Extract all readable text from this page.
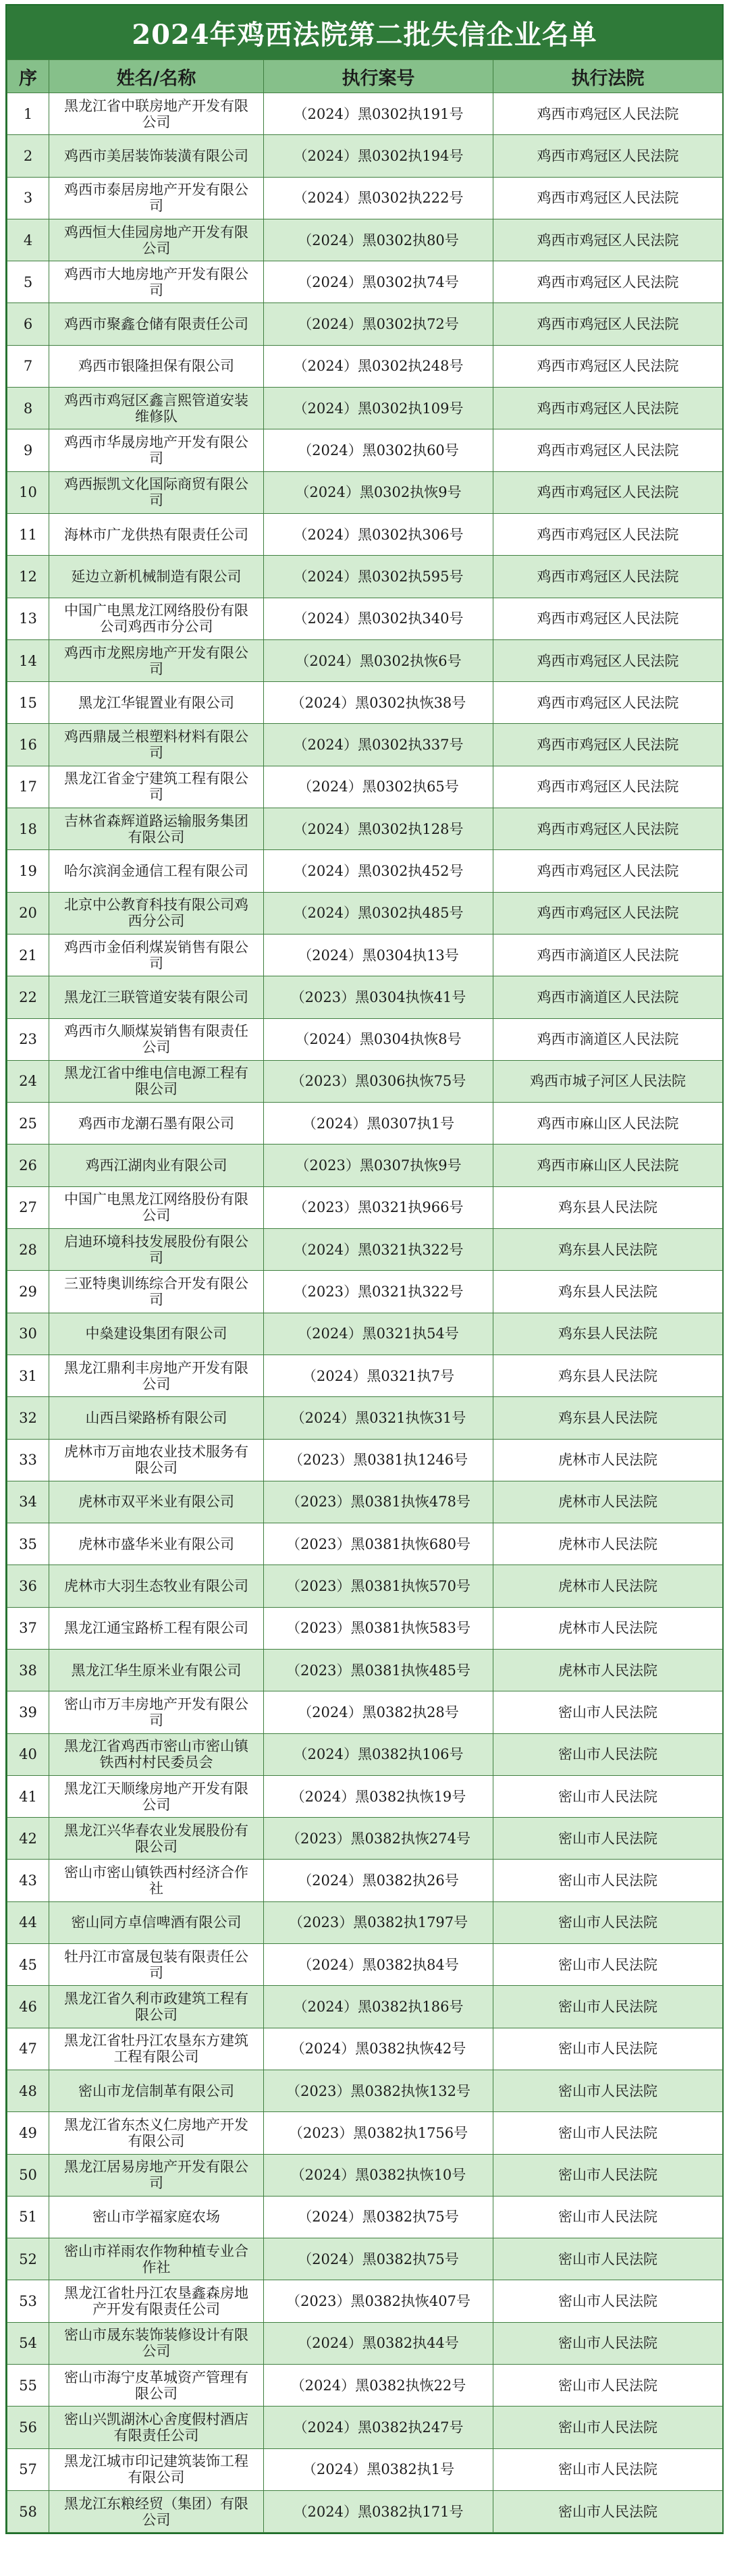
2024年鸡西法院第二批失信企业名单
序	姓名/名称	执行案号	执行法院
1	黑龙江省中联房地产开发有限公司	（2024）黑0302执191号	鸡西市鸡冠区人民法院
2	鸡西市美居装饰装潢有限公司	（2024）黑0302执194号	鸡西市鸡冠区人民法院
3	鸡西市泰居房地产开发有限公司	（2024）黑0302执222号	鸡西市鸡冠区人民法院
4	鸡西恒大佳园房地产开发有限公司	（2024）黑0302执80号	鸡西市鸡冠区人民法院
5	鸡西市大地房地产开发有限公司	（2024）黑0302执74号	鸡西市鸡冠区人民法院
6	鸡西市聚鑫仓储有限责任公司	（2024）黑0302执72号	鸡西市鸡冠区人民法院
7	鸡西市银隆担保有限公司	（2024）黑0302执248号	鸡西市鸡冠区人民法院
8	鸡西市鸡冠区鑫言熙管道安装维修队	（2024）黑0302执109号	鸡西市鸡冠区人民法院
9	鸡西市华晟房地产开发有限公司	（2024）黑0302执60号	鸡西市鸡冠区人民法院
10	鸡西振凯文化国际商贸有限公司	（2024）黑0302执恢9号	鸡西市鸡冠区人民法院
11	海林市广龙供热有限责任公司	（2024）黑0302执306号	鸡西市鸡冠区人民法院
12	延边立新机械制造有限公司	（2024）黑0302执595号	鸡西市鸡冠区人民法院
13	中国广电黑龙江网络股份有限公司鸡西市分公司	（2024）黑0302执340号	鸡西市鸡冠区人民法院
14	鸡西市龙熙房地产开发有限公司	（2024）黑0302执恢6号	鸡西市鸡冠区人民法院
15	黑龙江华锟置业有限公司	（2024）黑0302执恢38号	鸡西市鸡冠区人民法院
16	鸡西鼎晟兰根塑料材料有限公司	（2024）黑0302执337号	鸡西市鸡冠区人民法院
17	黑龙江省金宁建筑工程有限公司	（2024）黑0302执65号	鸡西市鸡冠区人民法院
18	吉林省森辉道路运输服务集团有限公司	（2024）黑0302执128号	鸡西市鸡冠区人民法院
19	哈尔滨润金通信工程有限公司	（2024）黑0302执452号	鸡西市鸡冠区人民法院
20	北京中公教育科技有限公司鸡西分公司	（2024）黑0302执485号	鸡西市鸡冠区人民法院
21	鸡西市金佰利煤炭销售有限公司	（2024）黑0304执13号	鸡西市滴道区人民法院
22	黑龙江三联管道安装有限公司	（2023）黑0304执恢41号	鸡西市滴道区人民法院
23	鸡西市久顺煤炭销售有限责任公司	（2024）黑0304执恢8号	鸡西市滴道区人民法院
24	黑龙江省中维电信电源工程有限公司	（2023）黑0306执恢75号	鸡西市城子河区人民法院
25	鸡西市龙潮石墨有限公司	（2024）黑0307执1号	鸡西市麻山区人民法院
26	鸡西江湖肉业有限公司	（2023）黑0307执恢9号	鸡西市麻山区人民法院
27	中国广电黑龙江网络股份有限公司	（2023）黑0321执966号	鸡东县人民法院
28	启迪环境科技发展股份有限公司	（2024）黑0321执322号	鸡东县人民法院
29	三亚特奥训练综合开发有限公司	（2023）黑0321执322号	鸡东县人民法院
30	中燊建设集团有限公司	（2024）黑0321执54号	鸡东县人民法院
31	黑龙江鼎利丰房地产开发有限公司	（2024）黑0321执7号	鸡东县人民法院
32	山西吕梁路桥有限公司	（2024）黑0321执恢31号	鸡东县人民法院
33	虎林市万亩地农业技术服务有限公司	（2023）黑0381执1246号	虎林市人民法院
34	虎林市双平米业有限公司	（2023）黑0381执恢478号	虎林市人民法院
35	虎林市盛华米业有限公司	（2023）黑0381执恢680号	虎林市人民法院
36	虎林市大羽生态牧业有限公司	（2023）黑0381执恢570号	虎林市人民法院
37	黑龙江通宝路桥工程有限公司	（2023）黑0381执恢583号	虎林市人民法院
38	黑龙江华生原米业有限公司	（2023）黑0381执恢485号	虎林市人民法院
39	密山市万丰房地产开发有限公司	（2024）黑0382执28号	密山市人民法院
40	黑龙江省鸡西市密山市密山镇铁西村村民委员会	（2024）黑0382执106号	密山市人民法院
41	黑龙江天顺缘房地产开发有限公司	（2024）黑0382执恢19号	密山市人民法院
42	黑龙江兴华春农业发展股份有限公司	（2023）黑0382执恢274号	密山市人民法院
43	密山市密山镇铁西村经济合作社	（2024）黑0382执26号	密山市人民法院
44	密山同方卓信啤酒有限公司	（2023）黑0382执1797号	密山市人民法院
45	牡丹江市富晟包装有限责任公司	（2024）黑0382执84号	密山市人民法院
46	黑龙江省久利市政建筑工程有限公司	（2024）黑0382执186号	密山市人民法院
47	黑龙江省牡丹江农垦东方建筑工程有限公司	（2024）黑0382执恢42号	密山市人民法院
48	密山市龙信制革有限公司	（2023）黑0382执恢132号	密山市人民法院
49	黑龙江省东杰义仁房地产开发有限公司	（2023）黑0382执1756号	密山市人民法院
50	黑龙江居易房地产开发有限公司	（2024）黑0382执恢10号	密山市人民法院
51	密山市学福家庭农场	（2024）黑0382执75号	密山市人民法院
52	密山市祥雨农作物种植专业合作社	（2024）黑0382执75号	密山市人民法院
53	黑龙江省牡丹江农垦鑫森房地产开发有限责任公司	（2023）黑0382执恢407号	密山市人民法院
54	密山市晟东装饰装修设计有限公司	（2024）黑0382执44号	密山市人民法院
55	密山市海宁皮革城资产管理有限公司	（2024）黑0382执恢22号	密山市人民法院
56	密山兴凯湖沐心舍度假村酒店有限责任公司	（2024）黑0382执247号	密山市人民法院
57	黑龙江城市印记建筑装饰工程有限公司	（2024）黑0382执1号	密山市人民法院
58	黑龙江东粮经贸（集团）有限公司	（2024）黑0382执171号	密山市人民法院
